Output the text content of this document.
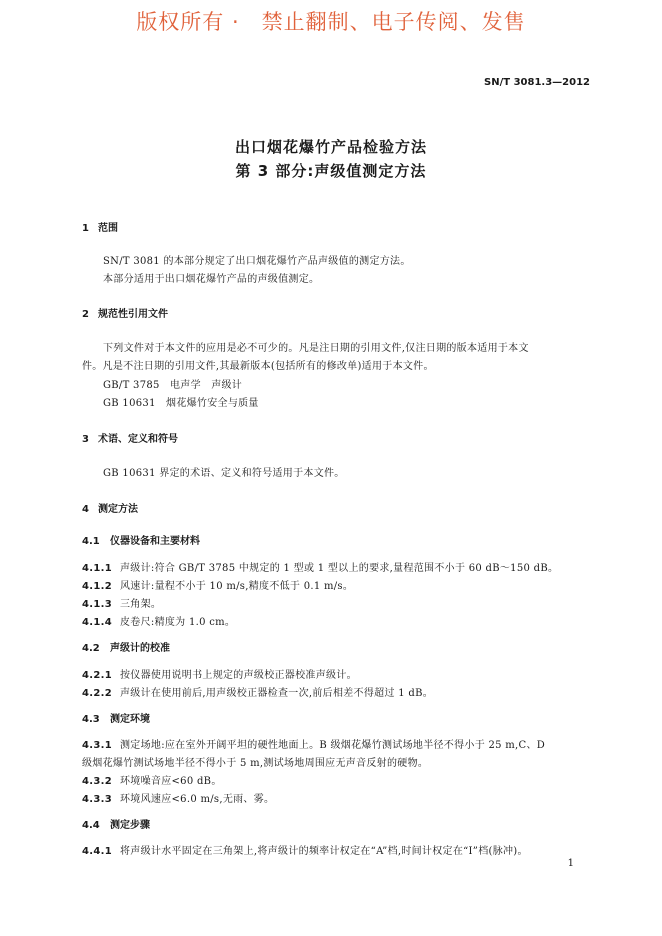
版权所有 ·　禁止翻制、电子传阅、发售
SN/T 3081.3—2012
出口烟花爆竹产品检验方法
第 3 部分:声级值测定方法
1 范围
SN/T 3081 的本部分规定了出口烟花爆竹产品声级值的测定方法。
本部分适用于出口烟花爆竹产品的声级值测定。
2 规范性引用文件
下列文件对于本文件的应用是必不可少的。凡是注日期的引用文件,仅注日期的版本适用于本文
件。凡是不注日期的引用文件,其最新版本(包括所有的修改单)适用于本文件。
GB/T 3785　电声学　声级计
GB 10631　烟花爆竹安全与质量
3 术语、定义和符号
GB 10631 界定的术语、定义和符号适用于本文件。
4 测定方法
4.1 仪器设备和主要材料
4.1.1 声级计:符合 GB/T 3785 中规定的 1 型或 1 型以上的要求,量程范围不小于 60 dB～150 dB。
4.1.2 风速计:量程不小于 10 m/s,精度不低于 0.1 m/s。
4.1.3 三角架。
4.1.4 皮卷尺:精度为 1.0 cm。
4.2 声级计的校准
4.2.1 按仪器使用说明书上规定的声级校正器校准声级计。
4.2.2 声级计在使用前后,用声级校正器检查一次,前后相差不得超过 1 dB。
4.3 测定环境
4.3.1 测定场地:应在室外开阔平坦的硬性地面上。B 级烟花爆竹测试场地半径不得小于 25 m,C、D
级烟花爆竹测试场地半径不得小于 5 m,测试场地周围应无声音反射的硬物。
4.3.2 环境噪音应<60 dB。
4.3.3 环境风速应<6.0 m/s,无雨、雾。
4.4 测定步骤
4.4.1 将声级计水平固定在三角架上,将声级计的频率计权定在“A”档,时间计权定在“Ⅰ”档(脉冲)。
1
